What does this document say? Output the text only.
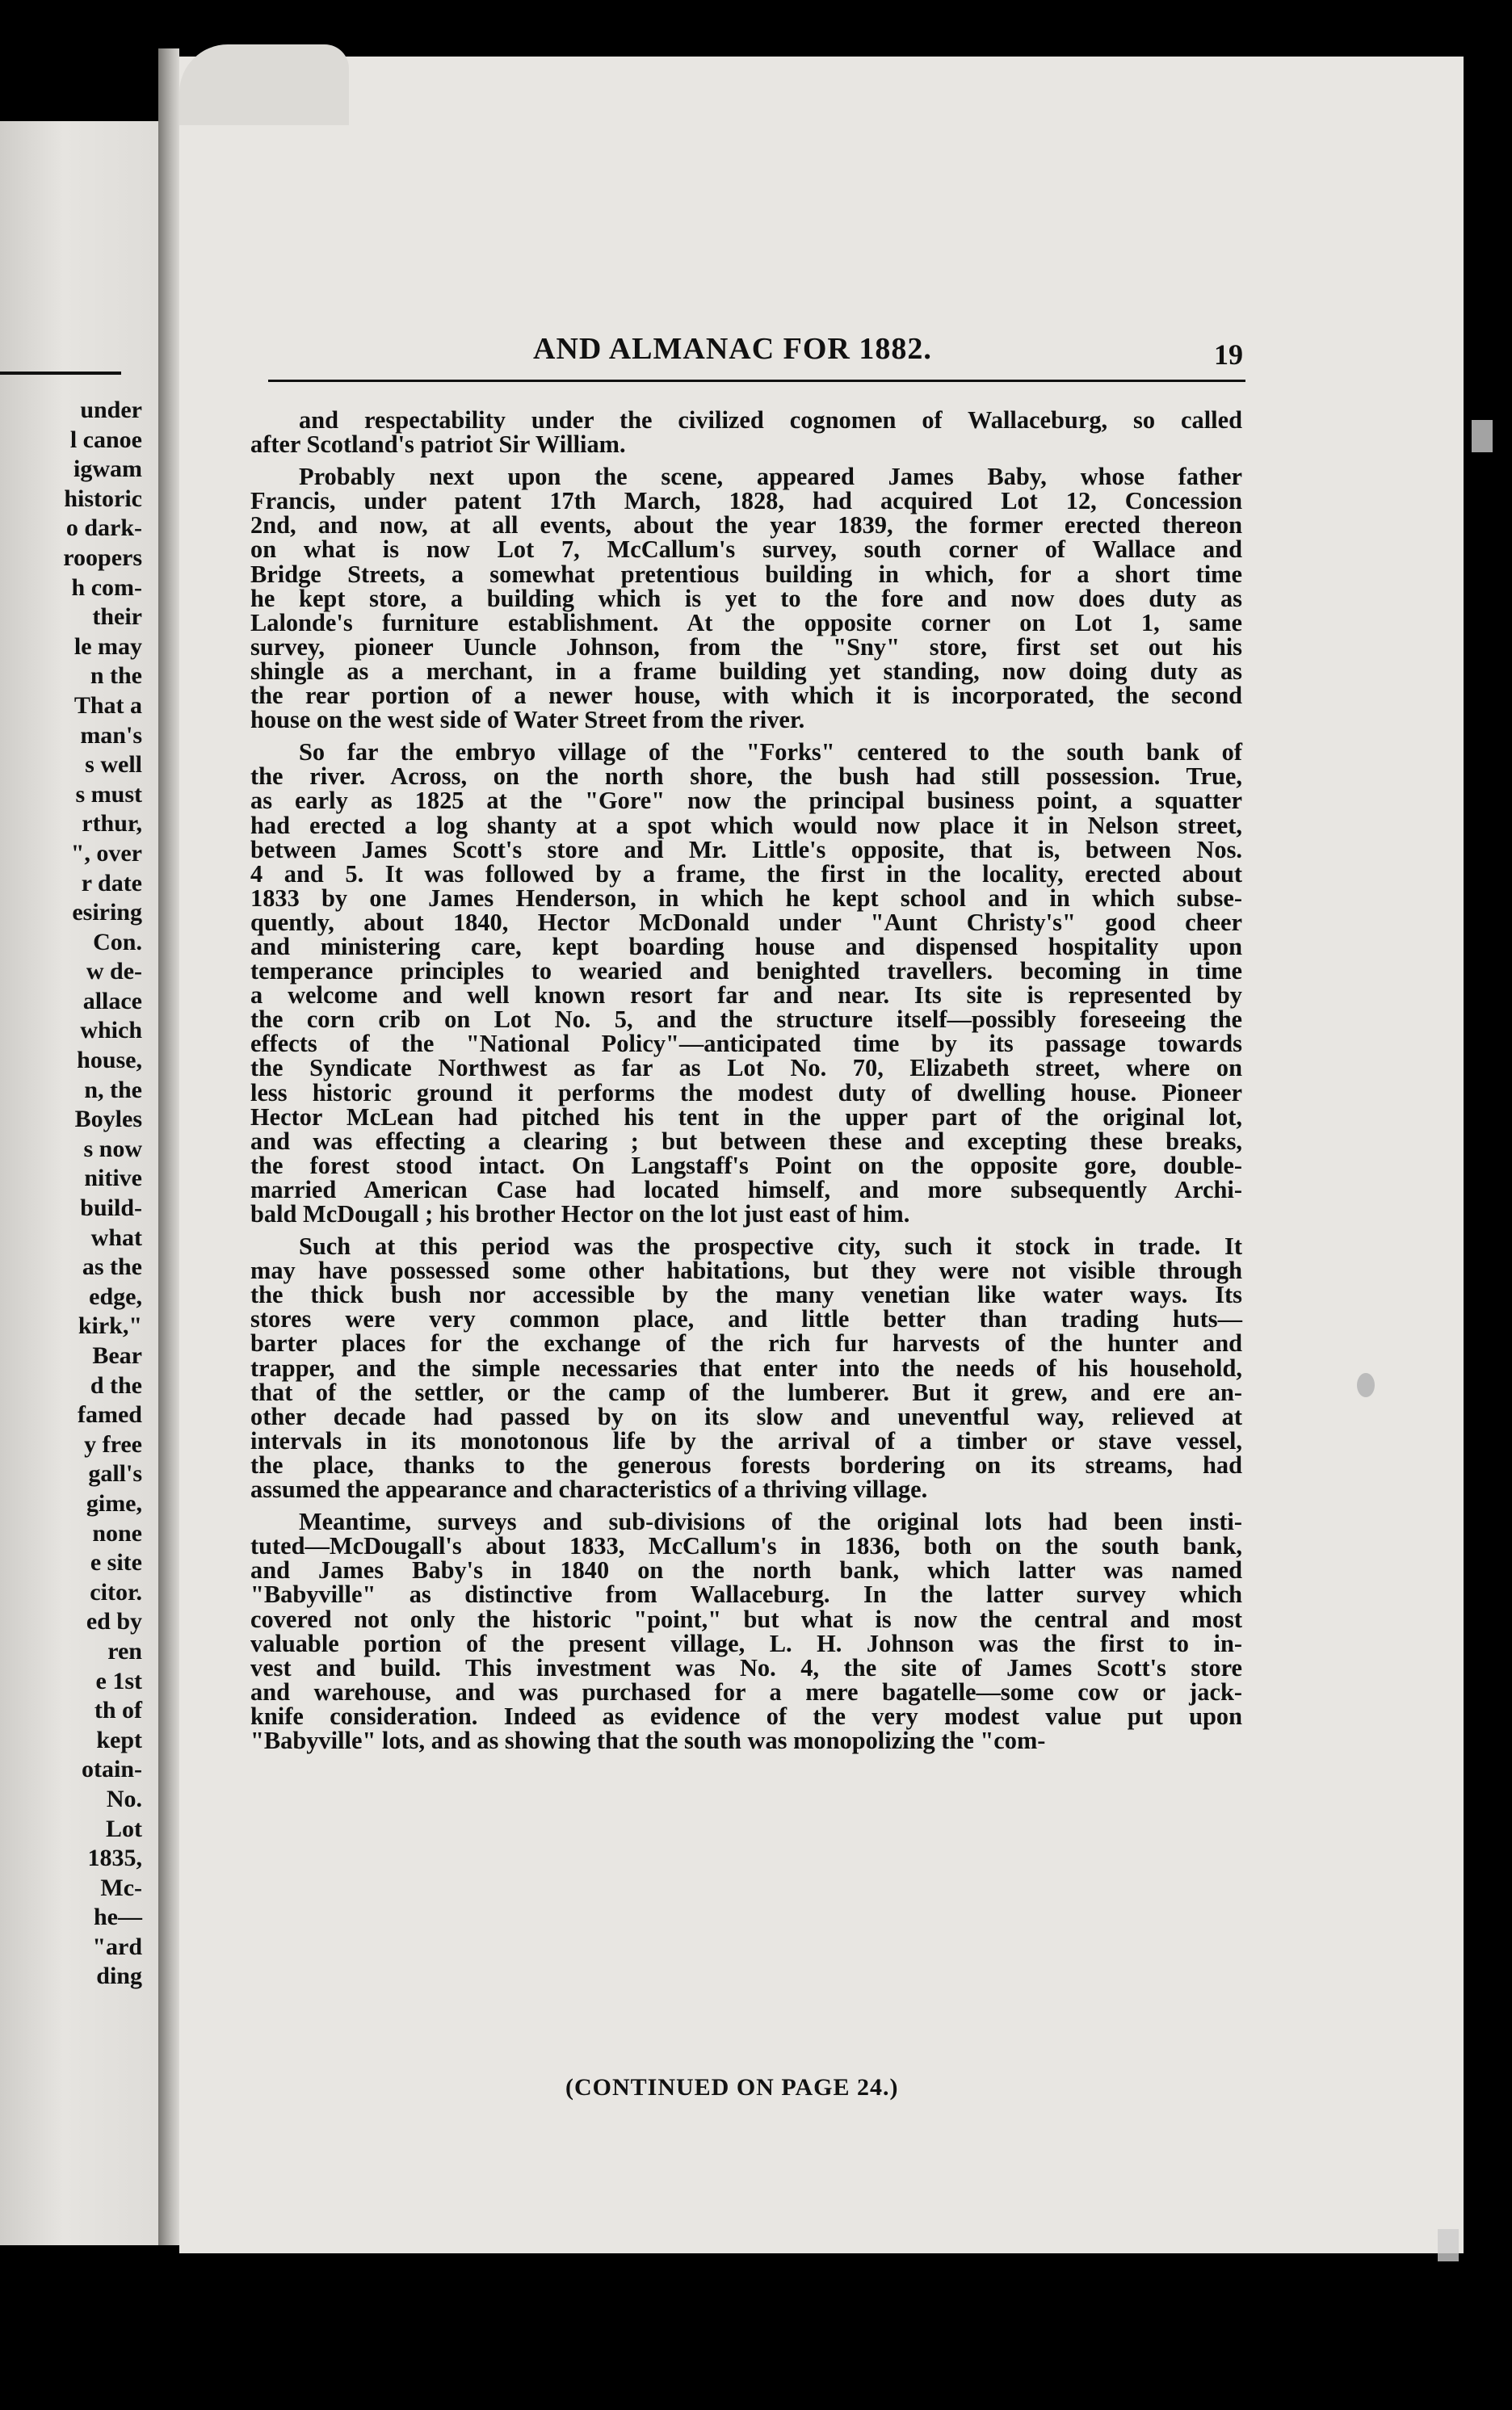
under
l canoe
igwam
historic
o dark-
roopers
h com-
their
le may
n the
That a
man's
s well
s must
rthur,
", over
r date
esiring
Con.
w de-
allace
which
house,
n, the
Boyles
s now
nitive
build-
what
as the
edge,
kirk,"
Bear
d the
famed
y free
gall's
gime,
none
e site
citor.
ed by
ren
e 1st
th of
kept
otain-
No.
Lot
1835,
Mc-
he—
"ard
ding
AND ALMANAC FOR 1882.	19
and respectability under the civilized cognomen of Wallaceburg, so called
after Scotland's patriot Sir William.
Probably next upon the scene, appeared James Baby, whose father
Francis, under patent 17th March, 1828, had acquired Lot 12, Concession
2nd, and now, at all events, about the year 1839, the former erected thereon
on what is now Lot 7, McCallum's survey, south corner of Wallace and
Bridge Streets, a somewhat pretentious building in which, for a short time
he kept store, a building which is yet to the fore and now does duty as
Lalonde's furniture establishment. At the opposite corner on Lot 1, same
survey, pioneer Uuncle Johnson, from the "Sny" store, first set out his
shingle as a merchant, in a frame building yet standing, now doing duty as
the rear portion of a newer house, with which it is incorporated, the second
house on the west side of Water Street from the river.
So far the embryo village of the "Forks" centered to the south bank of
the river. Across, on the north shore, the bush had still possession. True,
as early as 1825 at the "Gore" now the principal business point, a squatter
had erected a log shanty at a spot which would now place it in Nelson street,
between James Scott's store and Mr. Little's opposite, that is, between Nos.
4 and 5. It was followed by a frame, the first in the locality, erected about
1833 by one James Henderson, in which he kept school and in which subse-
quently, about 1840, Hector McDonald under "Aunt Christy's" good cheer
and ministering care, kept boarding house and dispensed hospitality upon
temperance principles to wearied and benighted travellers. becoming in time
a welcome and well known resort far and near. Its site is represented by
the corn crib on Lot No. 5, and the structure itself—possibly foreseeing the
effects of the "National Policy"—anticipated time by its passage towards
the Syndicate Northwest as far as Lot No. 70, Elizabeth street, where on
less historic ground it performs the modest duty of dwelling house. Pioneer
Hector McLean had pitched his tent in the upper part of the original lot,
and was effecting a clearing ; but between these and excepting these breaks,
the forest stood intact. On Langstaff's Point on the opposite gore, double-
married American Case had located himself, and more subsequently Archi-
bald McDougall ; his brother Hector on the lot just east of him.
Such at this period was the prospective city, such it stock in trade. It
may have possessed some other habitations, but they were not visible through
the thick bush nor accessible by the many venetian like water ways. Its
stores were very common place, and little better than trading huts—
barter places for the exchange of the rich fur harvests of the hunter and
trapper, and the simple necessaries that enter into the needs of his household,
that of the settler, or the camp of the lumberer. But it grew, and ere an-
other decade had passed by on its slow and uneventful way, relieved at
intervals in its monotonous life by the arrival of a timber or stave vessel,
the place, thanks to the generous forests bordering on its streams, had
assumed the appearance and characteristics of a thriving village.
Meantime, surveys and sub-divisions of the original lots had been insti-
tuted—McDougall's about 1833, McCallum's in 1836, both on the south bank,
and James Baby's in 1840 on the north bank, which latter was named
"Babyville" as distinctive from Wallaceburg. In the latter survey which
covered not only the historic "point," but what is now the central and most
valuable portion of the present village, L. H. Johnson was the first to in-
vest and build. This investment was No. 4, the site of James Scott's store
and warehouse, and was purchased for a mere bagatelle—some cow or jack-
knife consideration. Indeed as evidence of the very modest value put upon
"Babyville" lots, and as showing that the south was monopolizing the "com-
(CONTINUED ON PAGE 24.)
